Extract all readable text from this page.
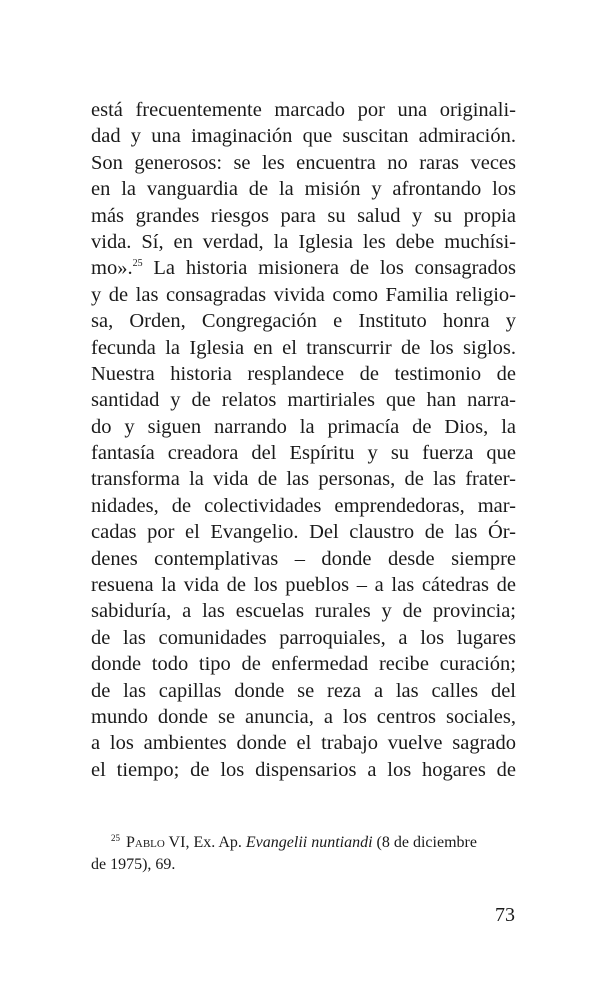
está frecuentemente marcado por una originali-
dad y una imaginación que suscitan admiración.
Son generosos: se les encuentra no raras veces
en la vanguardia de la misión y afrontando los
más grandes riesgos para su salud y su propia
vida. Sí, en verdad, la Iglesia les debe muchísi-
mo».$^{25}$ La historia misionera de los consagrados
y de las consagradas vivida como Familia religio-
sa, Orden, Congregación e Instituto honra y
fecunda la Iglesia en el transcurrir de los siglos.
Nuestra historia resplandece de testimonio de
santidad y de relatos martiriales que han narra-
do y siguen narrando la primacía de Dios, la
fantasía creadora del Espíritu y su fuerza que
transforma la vida de las personas, de las frater-
nidades, de colectividades emprendedoras, mar-
cadas por el Evangelio. Del claustro de las Ór-
denes contemplativas – donde desde siempre
resuena la vida de los pueblos – a las cátedras de
sabiduría, a las escuelas rurales y de provincia;
de las comunidades parroquiales, a los lugares
donde todo tipo de enfermedad recibe curación;
de las capillas donde se reza a las calles del
mundo donde se anuncia, a los centros sociales,
a los ambientes donde el trabajo vuelve sagrado
el tiempo; de los dispensarios a los hogares de
$^{25}$ Pablo VI, Ex. Ap. Evangelii nuntiandi (8 de diciembre
de 1975), 69.
73
